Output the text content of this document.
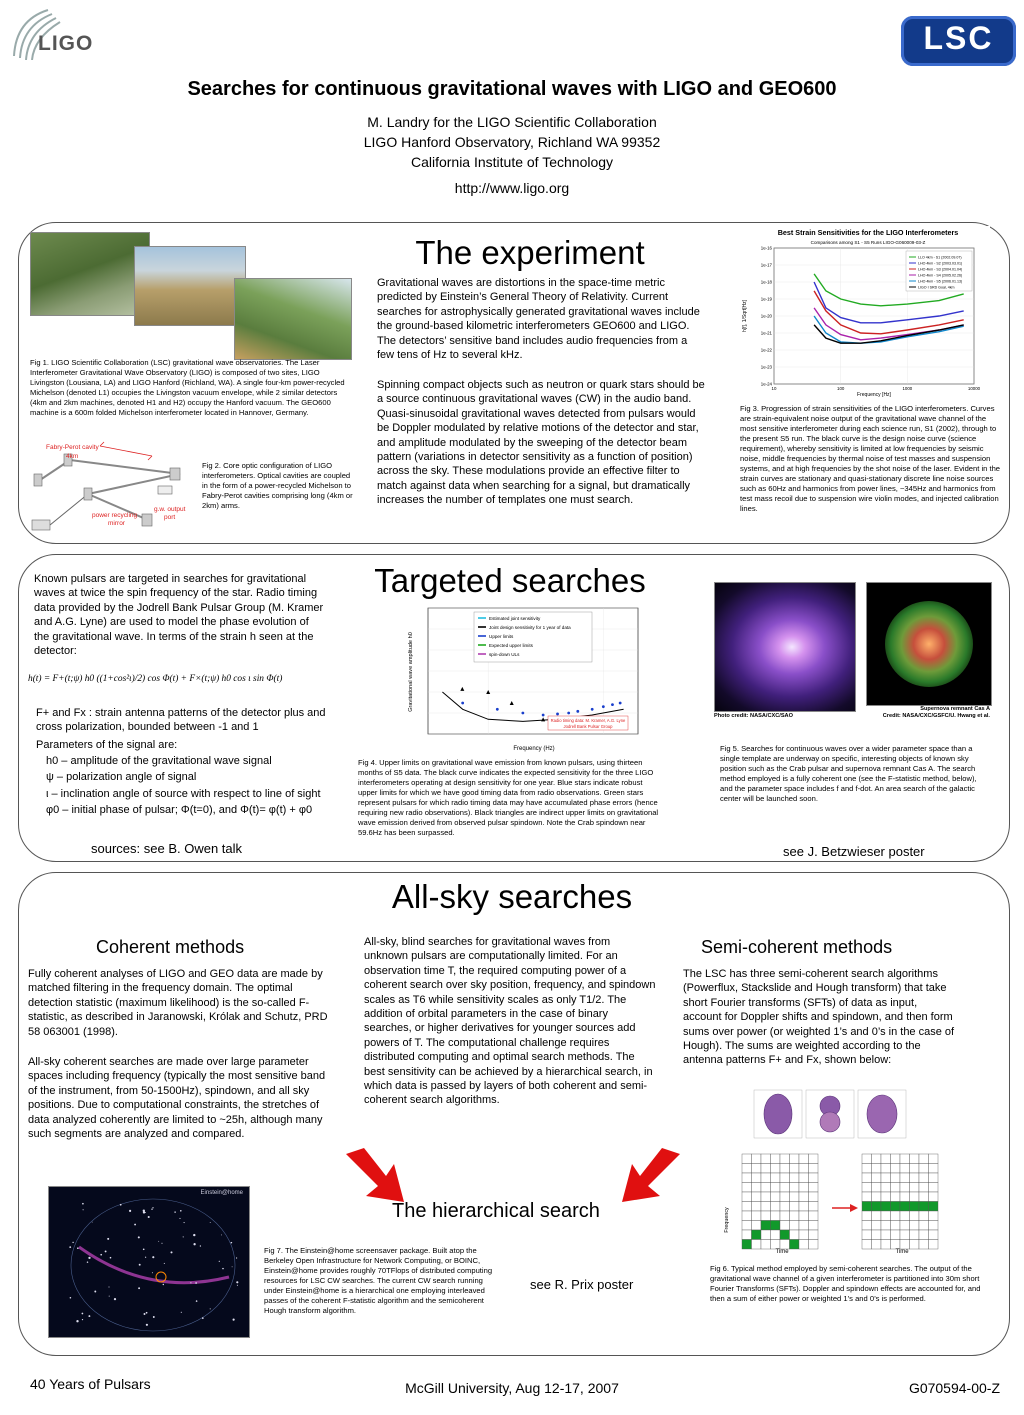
LIGO	LSC
Searches for continuous gravitational waves with LIGO and GEO600
M. Landry for the LIGO Scientific Collaboration
LIGO Hanford Observatory, Richland WA 99352
California Institute of Technology
http://www.ligo.org
Fig 1. LIGO Scientific Collaboration (LSC) gravitational wave observatories. The Laser Interferometer Gravitational Wave Observatory (LIGO) is composed of two sites, LIGO Livingston (Lousiana, LA) and LIGO Hanford (Richland, WA). A single four-km power-recycled Michelson (denoted L1) occupies the Livingston vacuum envelope, while 2 similar detectors (4km and 2km machines, denoted H1 and H2) occupy the Hanford vacuum. The GEO600 machine is a 600m folded Michelson interferometer located in Hannover, Germany.
Fabry-Perot cavity
4km
power recycling
mirror
g.w. output
port
Fig 2. Core optic configuration of LIGO interferometers. Optical cavities are coupled in the form of a power-recycled Michelson to Fabry-Perot cavities comprising long (4km or 2km) arms.
The experiment
Gravitational waves are distortions in the space-time metric predicted by Einstein’s General Theory of Relativity. Current searches for astrophysically generated gravitational waves include the ground-based kilometric interferometers GEO600 and LIGO. The detectors’ sensitive band includes audio frequencies from a few tens of Hz to several kHz.
Spinning compact objects such as neutron or quark stars should be a source continuous gravitational waves (CW) in the audio band. Quasi-sinusoidal gravitational waves detected from pulsars would be Doppler modulated by relative motions of the detector and star, and amplitude modulated by the sweeping of the detector beam pattern (variations in detector sensitivity as a function of position) across the sky. These modulations provide an effective filter to match against data when searching for a signal, but dramatically increases the number of templates one must search.
Best Strain Sensitivities for the LIGO Interferometers
Comparisons among S1 - S5 Runs LIGO-G060009-03-Z
Frequency [Hz]
h[f], 1/Sqrt[Hz]
1e-16
1e-17
1e-18
1e-19
1e-20
1e-21
1e-22
1e-23
1e-24
10	100	1000	10000
LLO 4km - S1 (2002.09.07)
LHO 4km - S2 (2003.03.01)
LHO 4km - S3 (2004.01.04)
LHO 4km - S4 (2005.02.26)
LHO 4km - S5 (2006.01.13)
LIGO I SRD Goal, 4km
Fig 3. Progression of strain sensitivities of the LIGO interferometers. Curves are strain-equivalent noise output of the gravitational wave channel of the most sensitive interferometer during each science run, S1 (2002), through to the present S5 run. The black curve is the design noise curve (science requirement), whereby sensitivity is limited at low frequencies by seismic noise, middle frequencies by thermal noise of test masses and suspension systems, and at high frequencies by the shot noise of the laser. Evident in the strain curves are stationary and quasi-stationary discrete line noise sources such as 60Hz and harmonics from power lines, ~345Hz and harmonics from test mass recoil due to suspension wire violin modes, and injected calibration lines.
Known pulsars are targeted in searches for gravitational waves at twice the spin frequency of the star. Radio timing data provided by the Jodrell Bank Pulsar Group (M. Kramer and A.G. Lyne) are used to model the phase evolution of the gravitational wave. In terms of the strain h seen at the detector:
h(t) = F+(t;ψ) h0 ((1+cos²ι)/2) cos Φ(t) + F×(t;ψ) h0 cos ι sin Φ(t)
F+ and Fx : strain antenna patterns of the detector plus and cross polarization, bounded between -1 and 1
Parameters of the signal are:
h0 – amplitude of the gravitational wave signal
ψ – polarization angle of signal
ι – inclination angle of source with respect to line of sight
φ0 – initial phase of pulsar; Φ(t=0), and Φ(t)= φ(t) + φ0
sources: see B. Owen talk
Targeted searches
Estimated joint sensitivity
Joint design sensitivity for 1 year of data
Upper limits
Expected upper limits
spin-down ULs
Frequency (Hz)
Gravitational wave amplitude h0
Radio timing data: M. Kramer, A.G. Lyne
Jodrell Bank Pulsar Group
Fig 4. Upper limits on gravitational wave emission from known pulsars, using thirteen months of S5 data. The black curve indicates the expected sensitivity for the three LIGO interferometers operating at design sensitivity for one year. Blue stars indicate robust upper limits for which we have good timing data from radio observations. Green stars represent pulsars for which radio timing data may have accumulated phase errors (hence requiring new radio observations). Black triangles are indirect upper limits on gravitational wave emission derived from observed pulsar spindown. Note the Crab spindown near 59.6Hz has been surpassed.
Photo credit: NASA/CXC/SAO
Supernova remnant Cas A
Credit: NASA/CXC/GSFC/U. Hwang et al.
Fig 5. Searches for continuous waves over a wider parameter space than a single template are underway on specific, interesting objects of known sky position such as the Crab pulsar and supernova remnant Cas A. The search method employed is a fully coherent one (see the F-statistic method, below), and the parameter space includes f and f-dot. An area search of the galactic center will be launched soon.
see J. Betzwieser poster
All-sky searches
Coherent methods
Fully coherent analyses of LIGO and GEO data are made by matched filtering in the frequency domain. The optimal detection statistic (maximum likelihood) is the so-called F-statistic, as described in Jaranowski, Królak and Schutz, PRD 58 063001 (1998).
All-sky coherent searches are made over large parameter spaces including frequency (typically the most sensitive band of the instrument, from 50-1500Hz), spindown, and all sky positions. Due to computational constraints, the stretches of data analyzed coherently are limited to ~25h, although many such segments are analyzed and compared.
All-sky, blind searches for gravitational waves from unknown pulsars are computationally limited. For an observation time T, the required computing power of a coherent search over sky position, frequency, and spindown scales as T6 while sensitivity scales as only T1/2. The addition of orbital parameters in the case of binary searches, or higher derivatives for younger sources add powers of T. The computational challenge requires distributed computing and optimal search methods. The best sensitivity can be achieved by a hierarchical search, in which data is passed by layers of both coherent and semi-coherent search algorithms.
Semi-coherent methods
The LSC has three semi-coherent search algorithms (Powerflux, Stackslide and Hough transform) that take short Fourier transforms (SFTs) of data as input, account for Doppler shifts and spindown, and then form sums over power (or weighted 1’s and 0’s in the case of Hough). The sums are weighted according to the antenna patterns F+ and Fx, shown below:
The hierarchical search
see R. Prix poster
Einstein@home
Fig 7. The Einstein@home screensaver package. Built atop the Berkeley Open Infrastructure for Network Computing, or BOINC, Einstein@home provides roughly 70TFlops of distributed computing resources for LSC CW searches. The current CW search running under Einstein@home is a hierarchical one employing interleaved passes of the coherent F-statistic algorithm and the semicoherent Hough transform algorithm.
Frequency
Time	Time
Fig 6. Typical method employed by semi-coherent searches. The output of the gravitational wave channel of a given interferometer is partitioned into 30m short Fourier Transforms (SFTs). Doppler and spindown effects are accounted for, and then a sum of either power or weighted 1’s and 0’s is performed.
40 Years of Pulsars	McGill University, Aug 12-17, 2007	G070594-00-Z
